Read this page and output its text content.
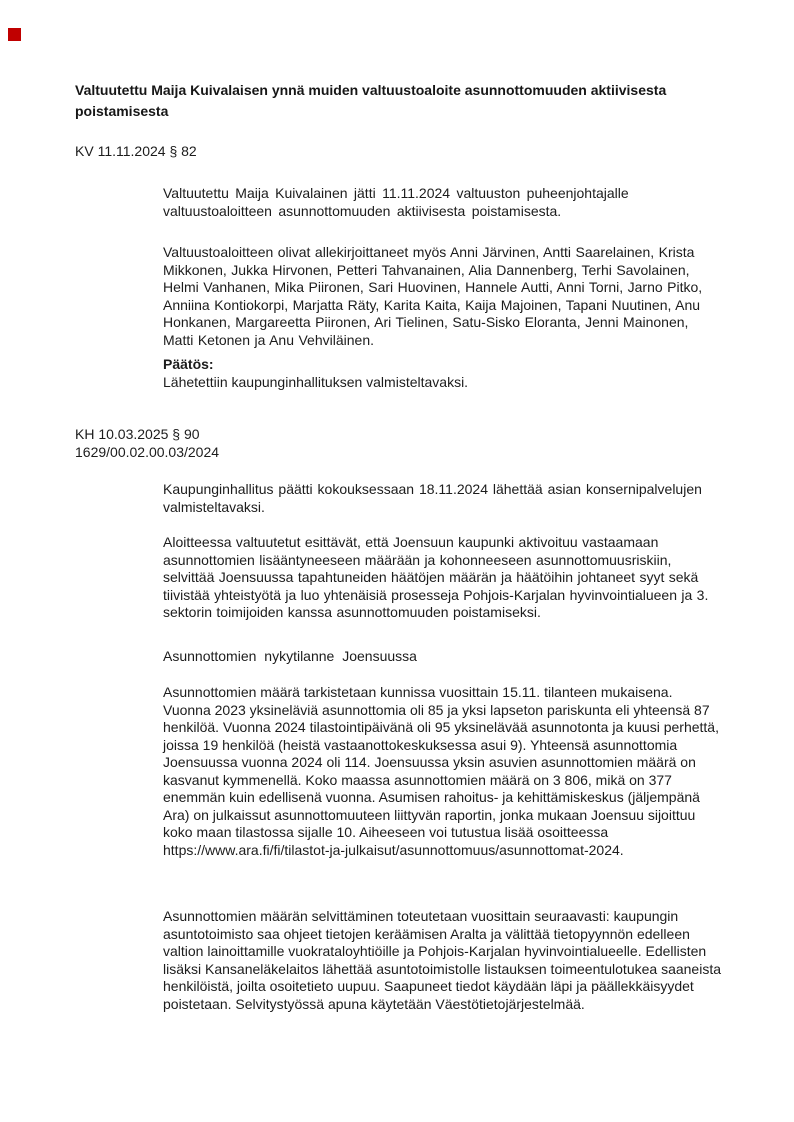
Valtuutettu Maija Kuivalaisen ynnä muiden valtuustoaloite asunnottomuuden aktiivisesta poistamisesta
KV 11.11.2024 § 82

Valtuutettu Maija Kuivalainen jätti 11.11.2024 valtuuston puheenjohtajalle valtuustoaloitteen asunnottomuuden aktiivisesta poistamisesta.

Valtuustoaloitteen olivat allekirjoittaneet myös Anni Järvinen, Antti Saarelainen, Krista Mikkonen, Jukka Hirvonen, Petteri Tahvanainen, Alia Dannenberg, Terhi Savolainen, Helmi Vanhanen, Mika Piironen, Sari Huovinen, Hannele Autti, Anni Torni, Jarno Pitko, Anniina Kontiokorpi, Marjatta Räty, Karita Kaita, Kaija Majoinen, Tapani Nuutinen, Anu Honkanen, Margareetta Piironen, Ari Tielinen, Satu-Sisko Eloranta, Jenni Mainonen, Matti Ketonen ja Anu Vehviläinen.

Päätös:

Lähetettiin kaupunginhallituksen valmisteltavaksi.

KH 10.03.2025 § 90
1629/00.02.00.03/2024

Kaupunginhallitus päätti kokouksessaan 18.11.2024 lähettää asian konsernipalvelujen valmisteltavaksi.

Aloitteessa valtuutetut esittävät, että Joensuun kaupunki aktivoituu vastaamaan asunnottomien lisääntyneeseen määrään ja kohonneeseen asunnottomuusriskiin, selvittää Joensuussa tapahtuneiden häätöjen määrän ja häätöihin johtaneet syyt sekä tiivistää yhteistyötä ja luo yhtenäisiä prosesseja Pohjois-Karjalan hyvinvointialueen ja 3. sektorin toimijoiden kanssa asunnottomuuden poistamiseksi.

Asunnottomien nykytilanne Joensuussa

Asunnottomien määrä tarkistetaan kunnissa vuosittain 15.11. tilanteen mukaisena. Vuonna 2023 yksineläviä asunnottomia oli 85 ja yksi lapseton pariskunta eli yhteensä 87 henkilöä. Vuonna 2024 tilastointipäivänä oli 95 yksinelävää asunnotonta ja kuusi perhettä, joissa 19 henkilöä (heistä vastaanottokeskuksessa asui 9). Yhteensä asunnottomia Joensuussa vuonna 2024 oli 114. Joensuussa yksin asuvien asunnottomien määrä on kasvanut kymmenellä. Koko maassa asunnottomien määrä on 3 806, mikä on 377 enemmän kuin edellisenä vuonna. Asumisen rahoitus- ja kehittämiskeskus (jäljempänä Ara) on julkaissut asunnottomuuteen liittyvän raportin, jonka mukaan Joensuu sijoittuu koko maan tilastossa sijalle 10. Aiheeseen voi tutustua lisää osoitteessa https://www.ara.fi/fi/tilastot-ja-julkaisut/asunnottomuus/asunnottomat-2024.

Asunnottomien määrän selvittäminen toteutetaan vuosittain seuraavasti: kaupungin asuntotoimisto saa ohjeet tietojen keräämisen Aralta ja välittää tietopyynnön edelleen valtion lainoittamille vuokrataloyhtiöille ja Pohjois-Karjalan hyvinvointialueelle. Edellisten lisäksi Kansaneläkelaitos lähettää asuntotoimistolle listauksen toimeentulotukea saaneista henkilöistä, joilta osoitetieto uupuu. Saapuneet tiedot käydään läpi ja päällekkäisyydet poistetaan. Selvitystyössä apuna käytetään Väestötietojärjestelmää.
